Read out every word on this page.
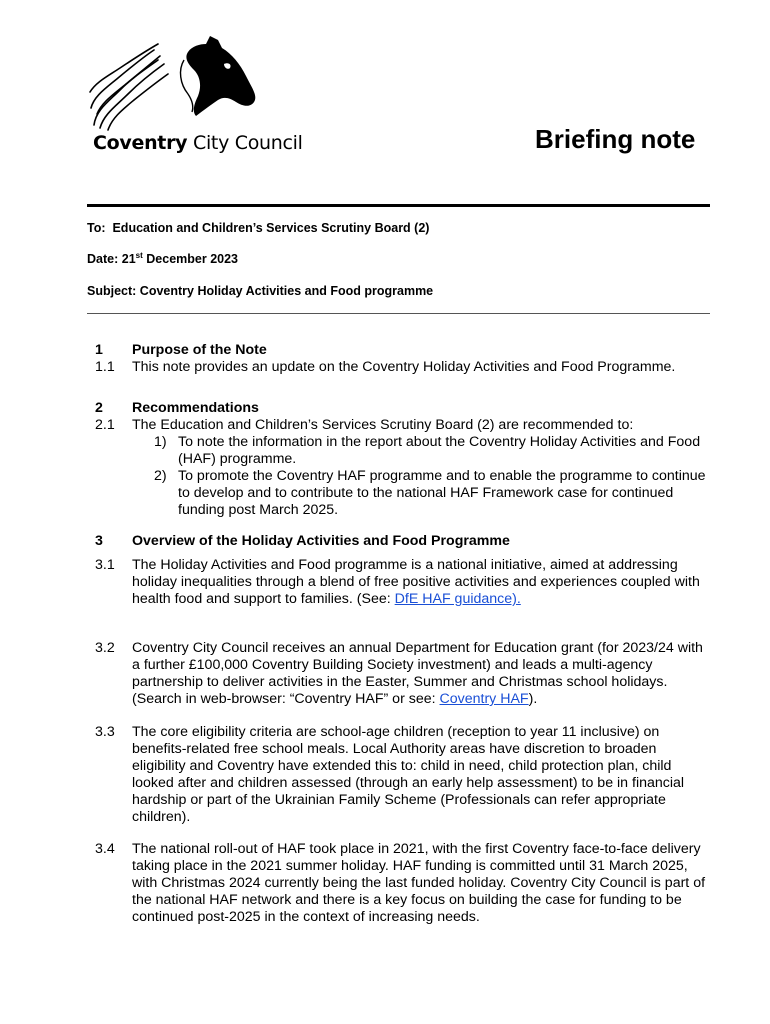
Coventry City Council	Briefing note
To: Education and Children’s Services Scrutiny Board (2)
Date: 21st December 2023
Subject: Coventry Holiday Activities and Food programme
1 Purpose of the Note
1.1 This note provides an update on the Coventry Holiday Activities and Food Programme.
2 Recommendations
2.1 The Education and Children’s Services Scrutiny Board (2) are recommended to:
1) To note the information in the report about the Coventry Holiday Activities and Food (HAF) programme.
2) To promote the Coventry HAF programme and to enable the programme to continue to develop and to contribute to the national HAF Framework case for continued funding post March 2025.
3 Overview of the Holiday Activities and Food Programme
3.1 The Holiday Activities and Food programme is a national initiative, aimed at addressing holiday inequalities through a blend of free positive activities and experiences coupled with health food and support to families. (See: DfE HAF guidance).
3.2 Coventry City Council receives an annual Department for Education grant (for 2023/24 with a further £100,000 Coventry Building Society investment) and leads a multi-agency partnership to deliver activities in the Easter, Summer and Christmas school holidays. (Search in web-browser: “Coventry HAF” or see: Coventry HAF).
3.3 The core eligibility criteria are school-age children (reception to year 11 inclusive) on benefits-related free school meals. Local Authority areas have discretion to broaden eligibility and Coventry have extended this to: child in need, child protection plan, child looked after and children assessed (through an early help assessment) to be in financial hardship or part of the Ukrainian Family Scheme (Professionals can refer appropriate children).
3.4 The national roll-out of HAF took place in 2021, with the first Coventry face-to-face delivery taking place in the 2021 summer holiday. HAF funding is committed until 31 March 2025, with Christmas 2024 currently being the last funded holiday. Coventry City Council is part of the national HAF network and there is a key focus on building the case for funding to be continued post-2025 in the context of increasing needs.
